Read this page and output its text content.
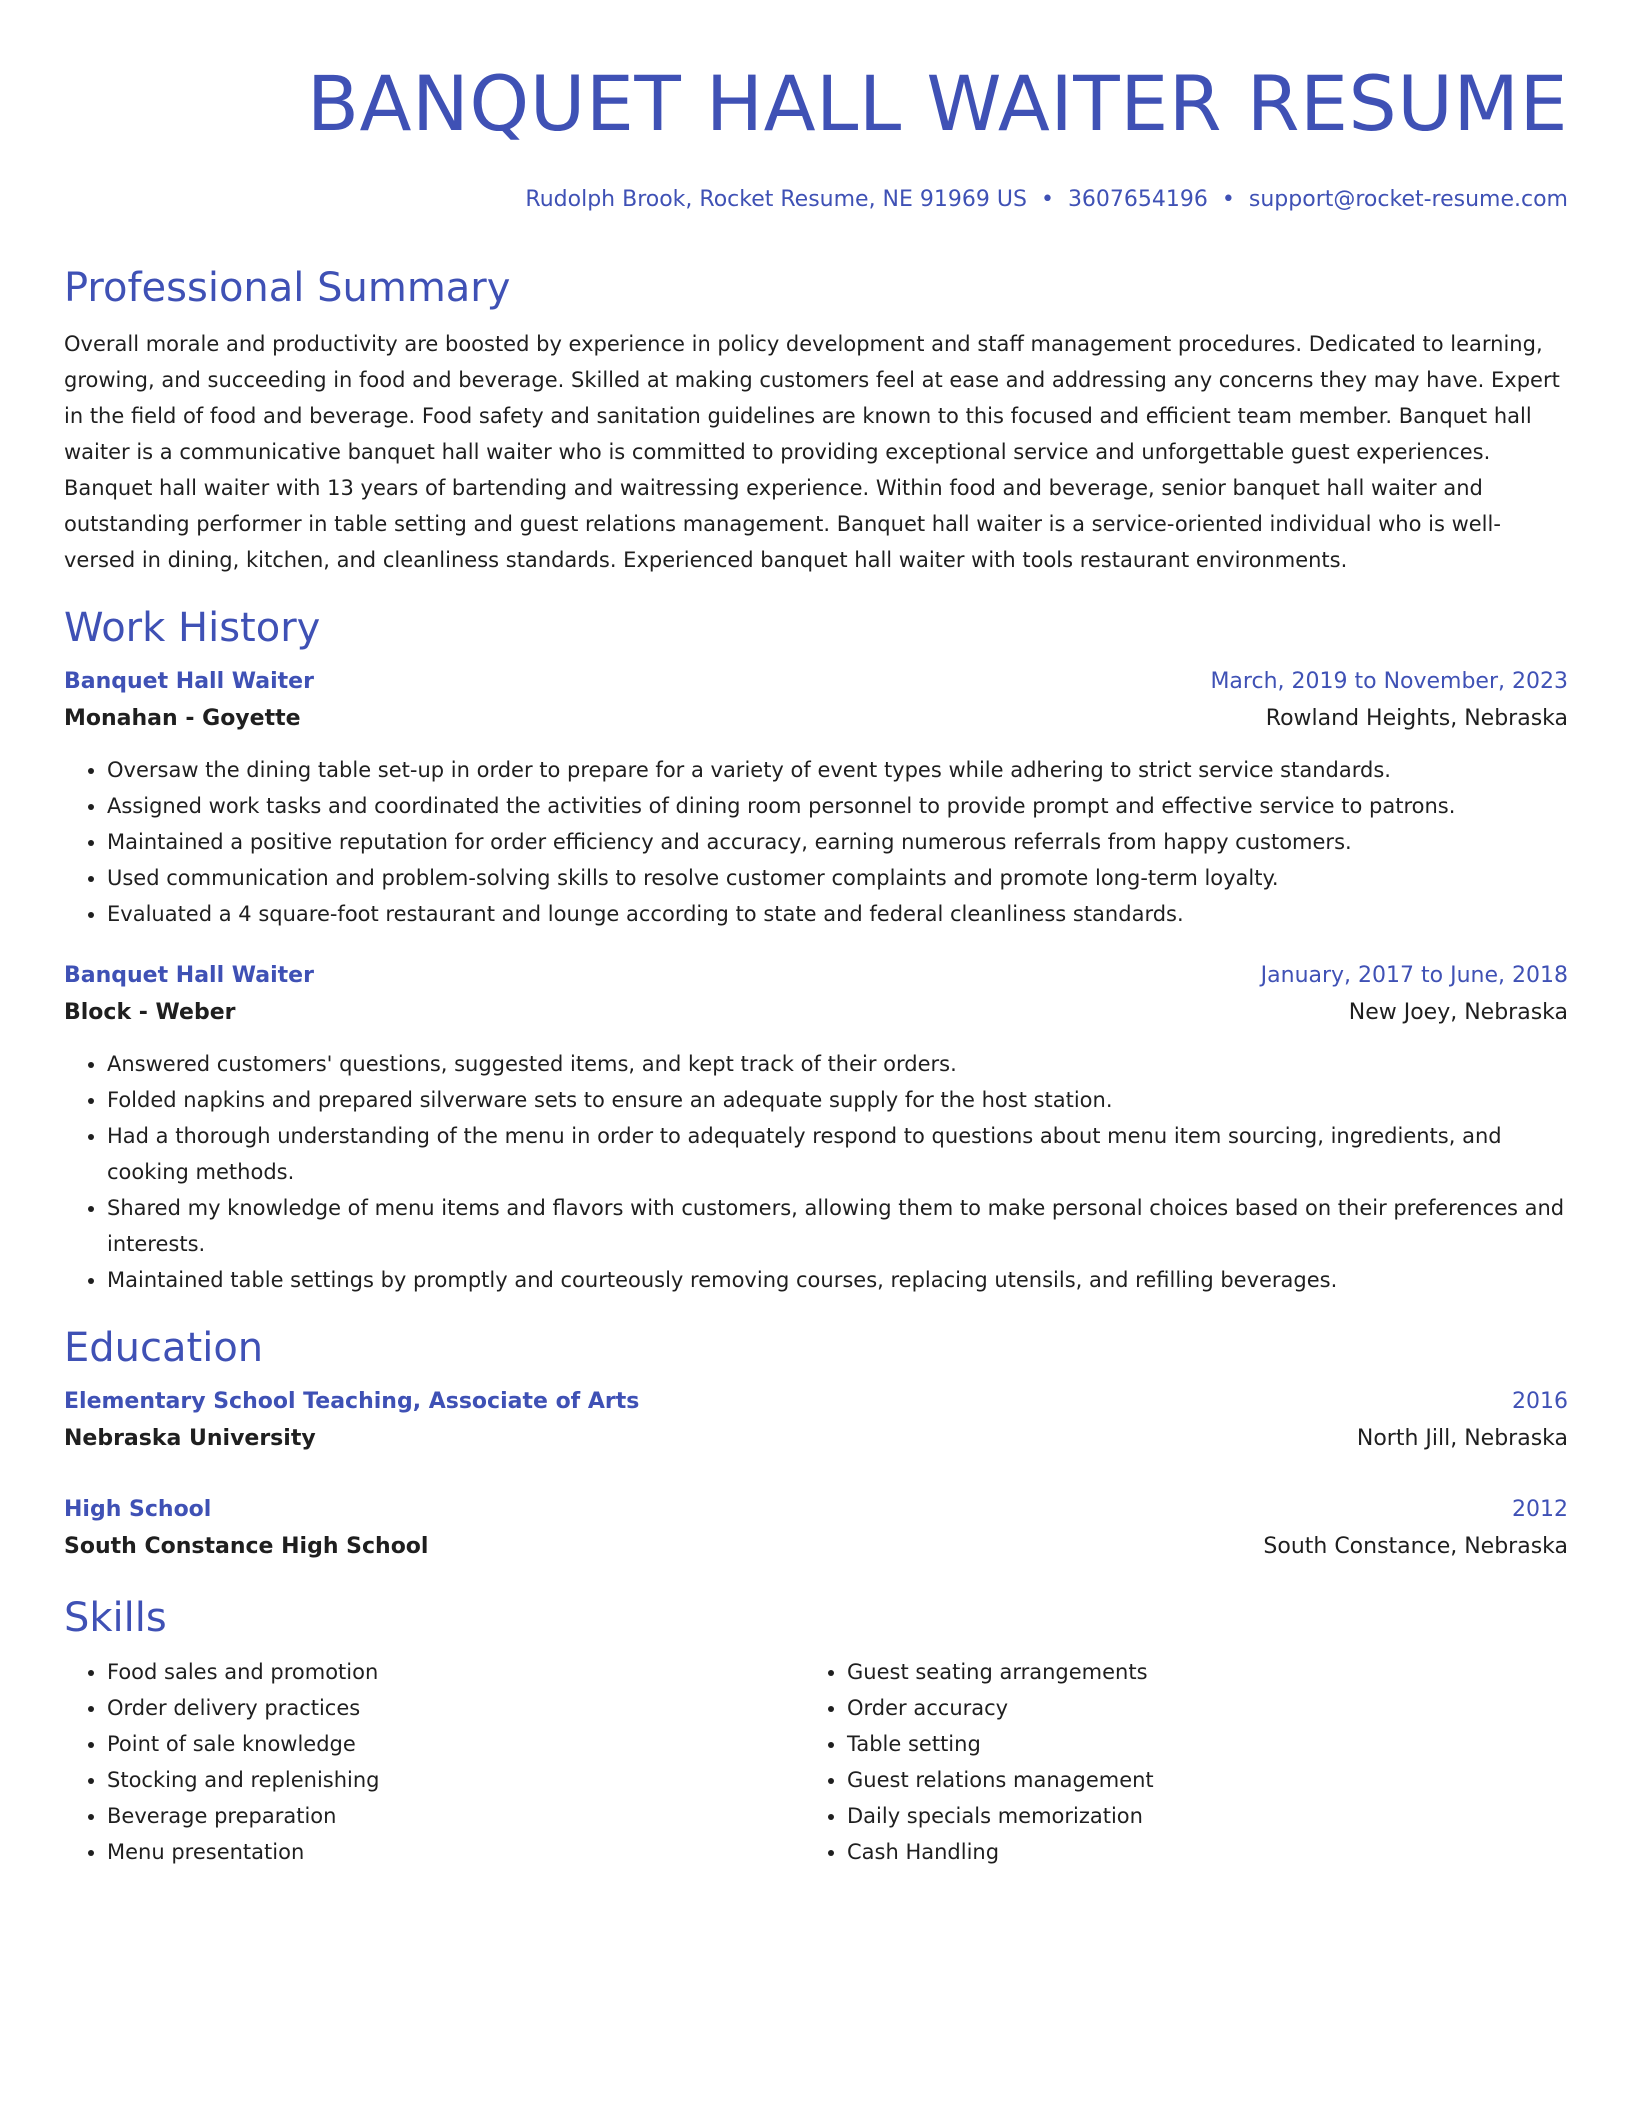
BANQUET HALL WAITER RESUME
Rudolph Brook, Rocket Resume, NE 91969 US • 3607654196 • support@rocket-resume.com
Professional Summary

Overall morale and productivity are boosted by experience in policy development and staff management procedures. Dedicated to learning, growing, and succeeding in food and beverage. Skilled at making customers feel at ease and addressing any concerns they may have. Expert in the field of food and beverage. Food safety and sanitation guidelines are known to this focused and efficient team member. Banquet hall waiter is a communicative banquet hall waiter who is committed to providing exceptional service and unforgettable guest experiences. Banquet hall waiter with 13 years of bartending and waitressing experience. Within food and beverage, senior banquet hall waiter and outstanding performer in table setting and guest relations management. Banquet hall waiter is a service-oriented individual who is well-versed in dining, kitchen, and cleanliness standards. Experienced banquet hall waiter with tools restaurant environments.

Work History
Banquet Hall Waiter	March, 2019 to November, 2023
Monahan - Goyette	Rowland Heights, Nebraska
• Oversaw the dining table set-up in order to prepare for a variety of event types while adhering to strict service standards.
• Assigned work tasks and coordinated the activities of dining room personnel to provide prompt and effective service to patrons.
• Maintained a positive reputation for order efficiency and accuracy, earning numerous referrals from happy customers.
• Used communication and problem-solving skills to resolve customer complaints and promote long-term loyalty.
• Evaluated a 4 square-foot restaurant and lounge according to state and federal cleanliness standards.
Banquet Hall Waiter	January, 2017 to June, 2018
Block - Weber	New Joey, Nebraska
• Answered customers' questions, suggested items, and kept track of their orders.
• Folded napkins and prepared silverware sets to ensure an adequate supply for the host station.
• Had a thorough understanding of the menu in order to adequately respond to questions about menu item sourcing, ingredients, and cooking methods.
• Shared my knowledge of menu items and flavors with customers, allowing them to make personal choices based on their preferences and interests.
• Maintained table settings by promptly and courteously removing courses, replacing utensils, and refilling beverages.
Education
Elementary School Teaching, Associate of Arts	2016
Nebraska University	North Jill, Nebraska
High School	2012
South Constance High School	South Constance, Nebraska
Skills
• Food sales and promotion
• Order delivery practices
• Point of sale knowledge
• Stocking and replenishing
• Beverage preparation
• Menu presentation
• Guest seating arrangements
• Order accuracy
• Table setting
• Guest relations management
• Daily specials memorization
• Cash Handling
